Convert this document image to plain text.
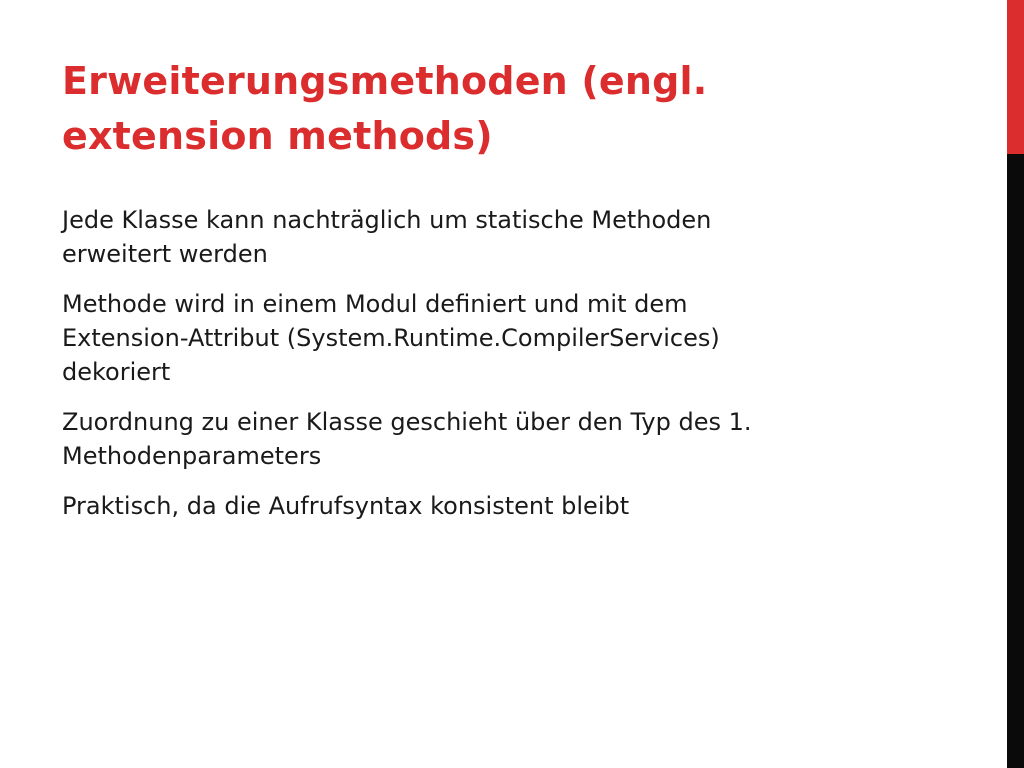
Erweiterungsmethoden (engl.
extension methods)
Jede Klasse kann nachträglich um statische Methoden
erweitert werden
Methode wird in einem Modul definiert und mit dem
Extension-Attribut (System.Runtime.CompilerServices)
dekoriert
Zuordnung zu einer Klasse geschieht über den Typ des 1.
Methodenparameters
Praktisch, da die Aufrufsyntax konsistent bleibt
